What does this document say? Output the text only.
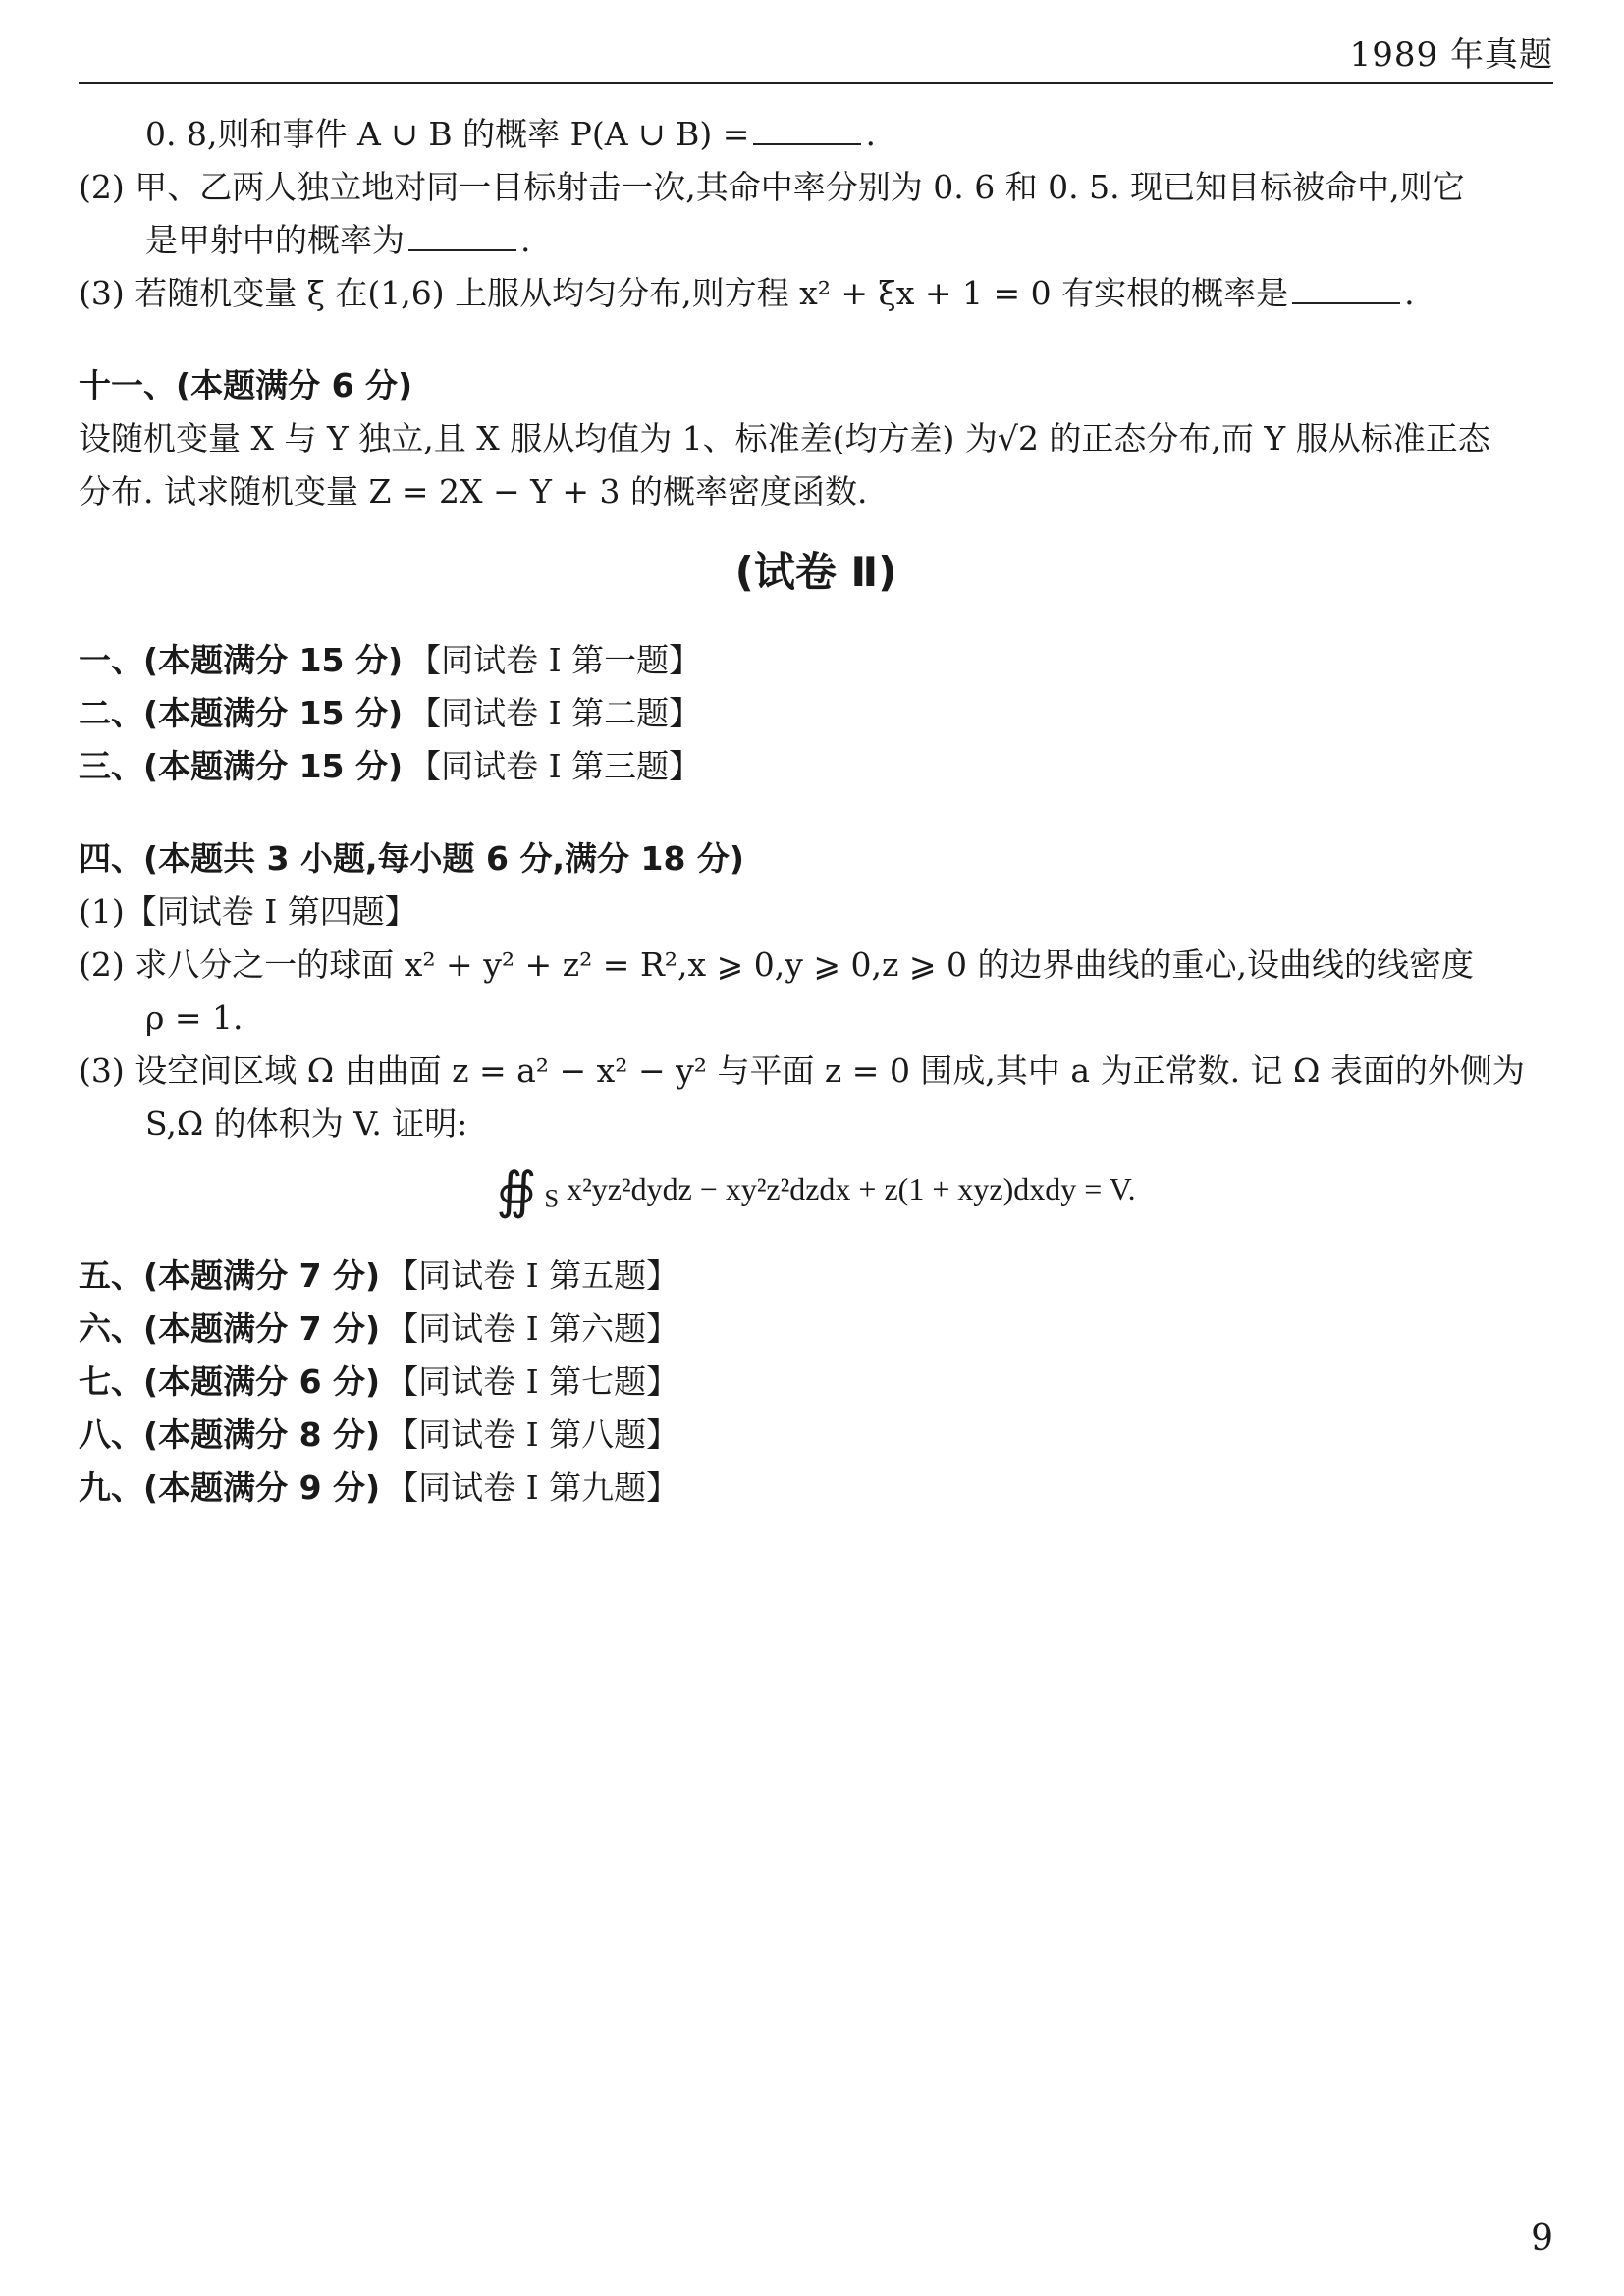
1989 年真题
0. 8,则和事件 A ∪ B 的概率 P(A ∪ B) =	.
(2) 甲、乙两人独立地对同一目标射击一次,其命中率分别为 0. 6 和 0. 5. 现已知目标被命中,则它
是甲射中的概率为	.
(3) 若随机变量 ξ 在(1,6) 上服从均匀分布,则方程 x² + ξx + 1 = 0 有实根的概率是	.
十一、(本题满分 6 分)
设随机变量 X 与 Y 独立,且 X 服从均值为 1、标准差(均方差) 为√2 的正态分布,而 Y 服从标准正态
分布. 试求随机变量 Z = 2X − Y + 3 的概率密度函数.
(试卷 Ⅱ)
一、(本题满分 15 分) 【同试卷 Ⅰ 第一题】
二、(本题满分 15 分) 【同试卷 Ⅰ 第二题】
三、(本题满分 15 分) 【同试卷 Ⅰ 第三题】
四、(本题共 3 小题,每小题 6 分,满分 18 分)
(1)【同试卷 Ⅰ 第四题】
(2) 求八分之一的球面 x² + y² + z² = R²,x ⩾ 0,y ⩾ 0,z ⩾ 0 的边界曲线的重心,设曲线的线密度
ρ = 1.
(3) 设空间区域 Ω 由曲面 z = a² − x² − y² 与平面 z = 0 围成,其中 a 为正常数. 记 Ω 表面的外侧为
S,Ω 的体积为 V. 证明:
∯ $_S$ x²yz²dydz − xy²z²dzdx + z(1 + xyz)dxdy = V.
五、(本题满分 7 分) 【同试卷 Ⅰ 第五题】
六、(本题满分 7 分) 【同试卷 Ⅰ 第六题】
七、(本题满分 6 分) 【同试卷 Ⅰ 第七题】
八、(本题满分 8 分) 【同试卷 Ⅰ 第八题】
九、(本题满分 9 分) 【同试卷 Ⅰ 第九题】
9
